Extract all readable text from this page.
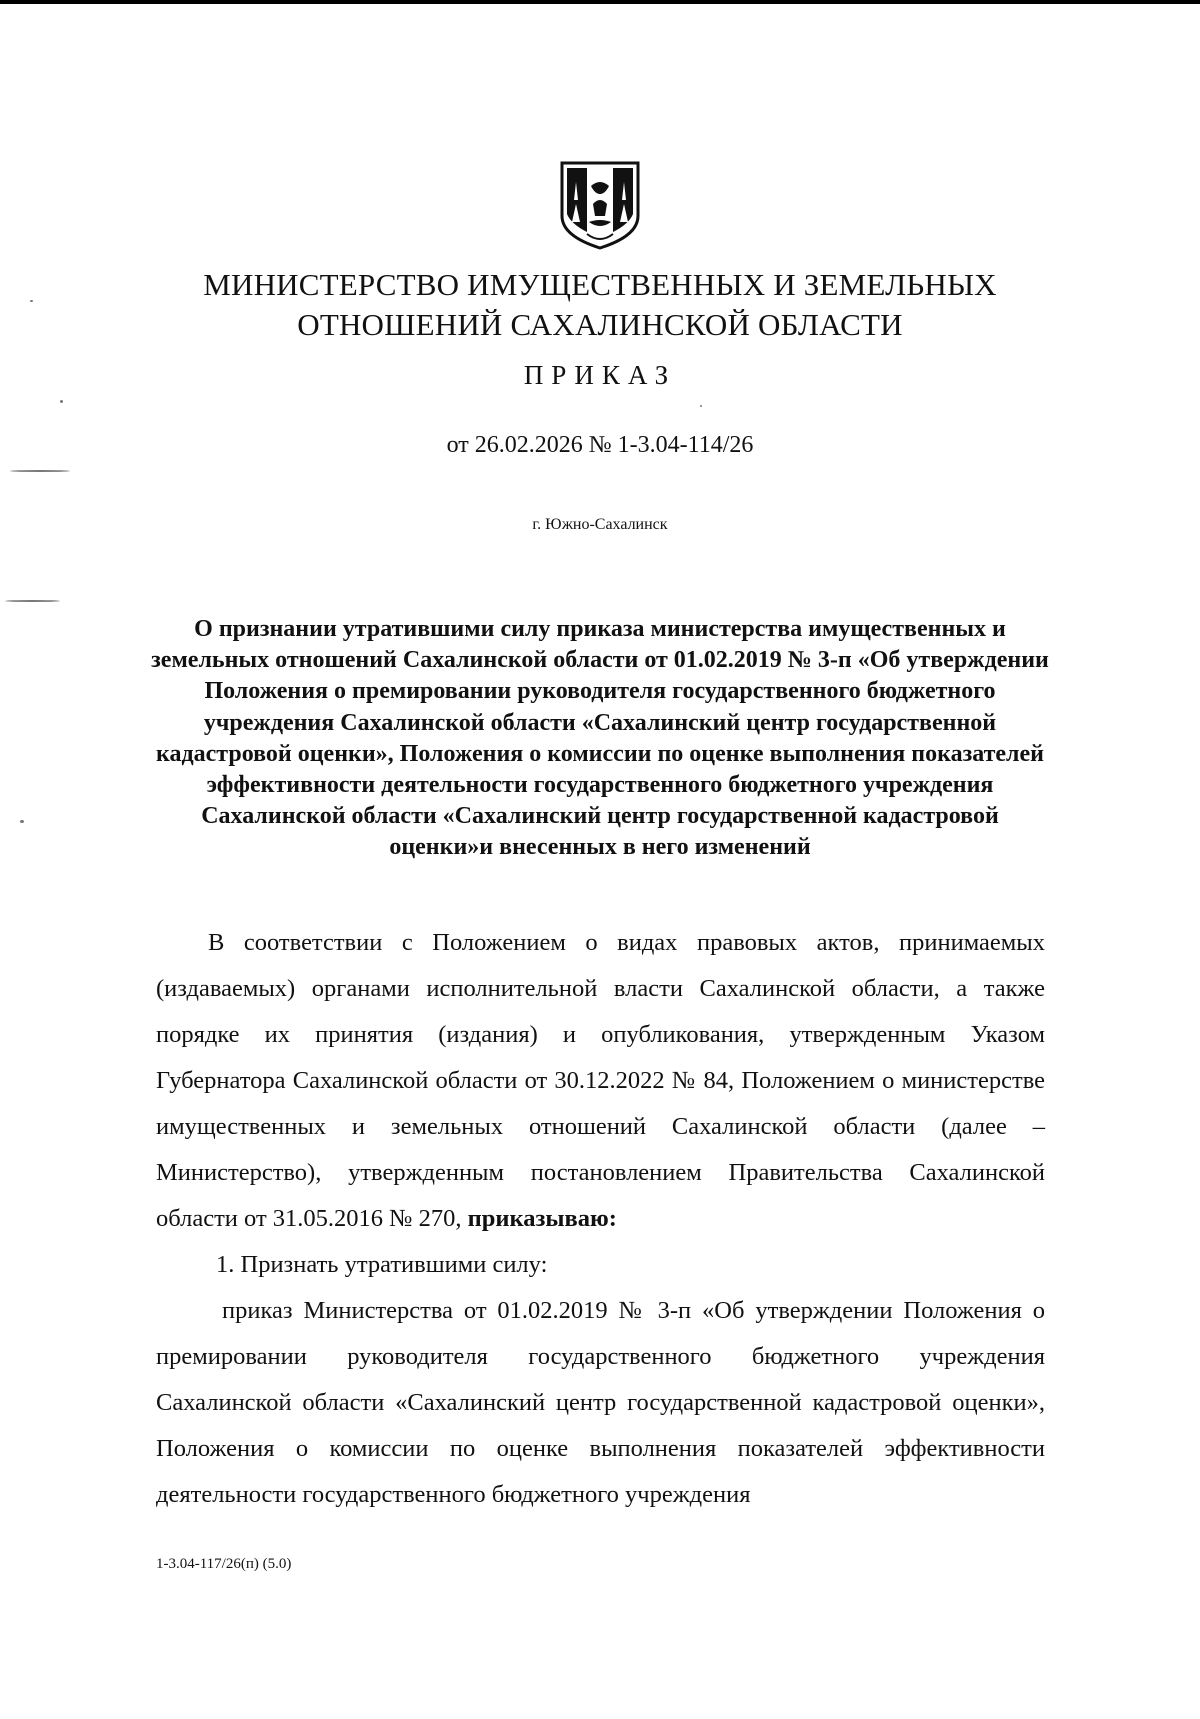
МИНИСТЕРСТВО ИМУЩЕСТВЕННЫХ И ЗЕМЕЛЬНЫХ
ОТНОШЕНИЙ САХАЛИНСКОЙ ОБЛАСТИ
ПРИКАЗ
от 26.02.2026 № 1-3.04-114/26
г. Южно-Сахалинск
О признании утратившими силу приказа министерства имущественных и земельных отношений Сахалинской области от 01.02.2019 № 3-п «Об утверждении Положения о премировании руководителя государственного бюджетного учреждения Сахалинской области «Сахалинский центр государственной кадастровой оценки», Положения о комиссии по оценке выполнения показателей эффективности деятельности государственного бюджетного учреждения Сахалинской области «Сахалинский центр государственной кадастровой оценки»и внесенных в него изменений

В соответствии с Положением о видах правовых актов, принимаемых (издаваемых) органами исполнительной власти Сахалинской области, а также порядке их принятия (издания) и опубликования, утвержденным Указом Губернатора Сахалинской области от 30.12.2022 № 84, Положением о министерстве имущественных и земельных отношений Сахалинской области (далее – Министерство), утвержденным постановлением Правительства Сахалинской области от 31.05.2016 № 270, приказываю:

1. Признать утратившими силу:

приказ Министерства от 01.02.2019 № 3-п «Об утверждении Положения о премировании руководителя государственного бюджетного учреждения Сахалинской области «Сахалинский центр государственной кадастровой оценки», Положения о комиссии по оценке выполнения показателей эффективности деятельности государственного бюджетного учреждения

1-3.04-117/26(п) (5.0)
